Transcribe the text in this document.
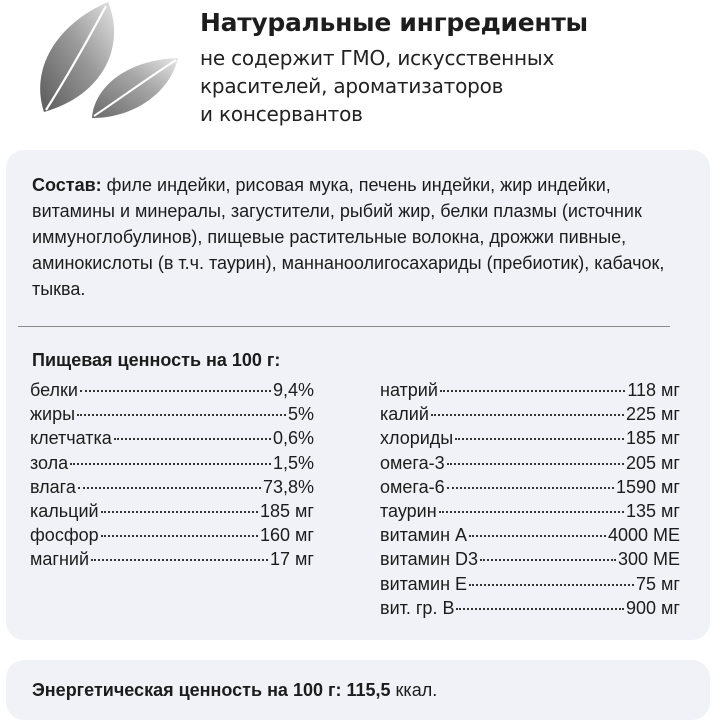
Натуральные ингредиенты
не содержит ГМО, искусственных
красителей, ароматизаторов
и консервантов
Состав: филе индейки, рисовая мука, печень индейки, жир индейки, витамины и минералы, загустители, рыбий жир, белки плазмы (источник иммуноглобулинов), пищевые растительные волокна, дрожжи пивные, аминокислоты (в т.ч. таурин), маннаноолигосахариды (пребиотик), кабачок, тыква.
Пищевая ценность на 100 г:
белки	9,4%
жиры	5%
клетчатка	0,6%
зола	1,5%
влага	73,8%
кальций	185 мг
фосфор	160 мг
магний	17 мг
натрий	118 мг
калий	225 мг
хлориды	185 мг
омега-3	205 мг
омега-6	1590 мг
таурин	135 мг
витамин А	4000 МЕ
витамин D3	300 МЕ
витамин Е	75 мг
вит. гр. В	900 мг
Энергетическая ценность на 100 г: 115,5 ккал.
